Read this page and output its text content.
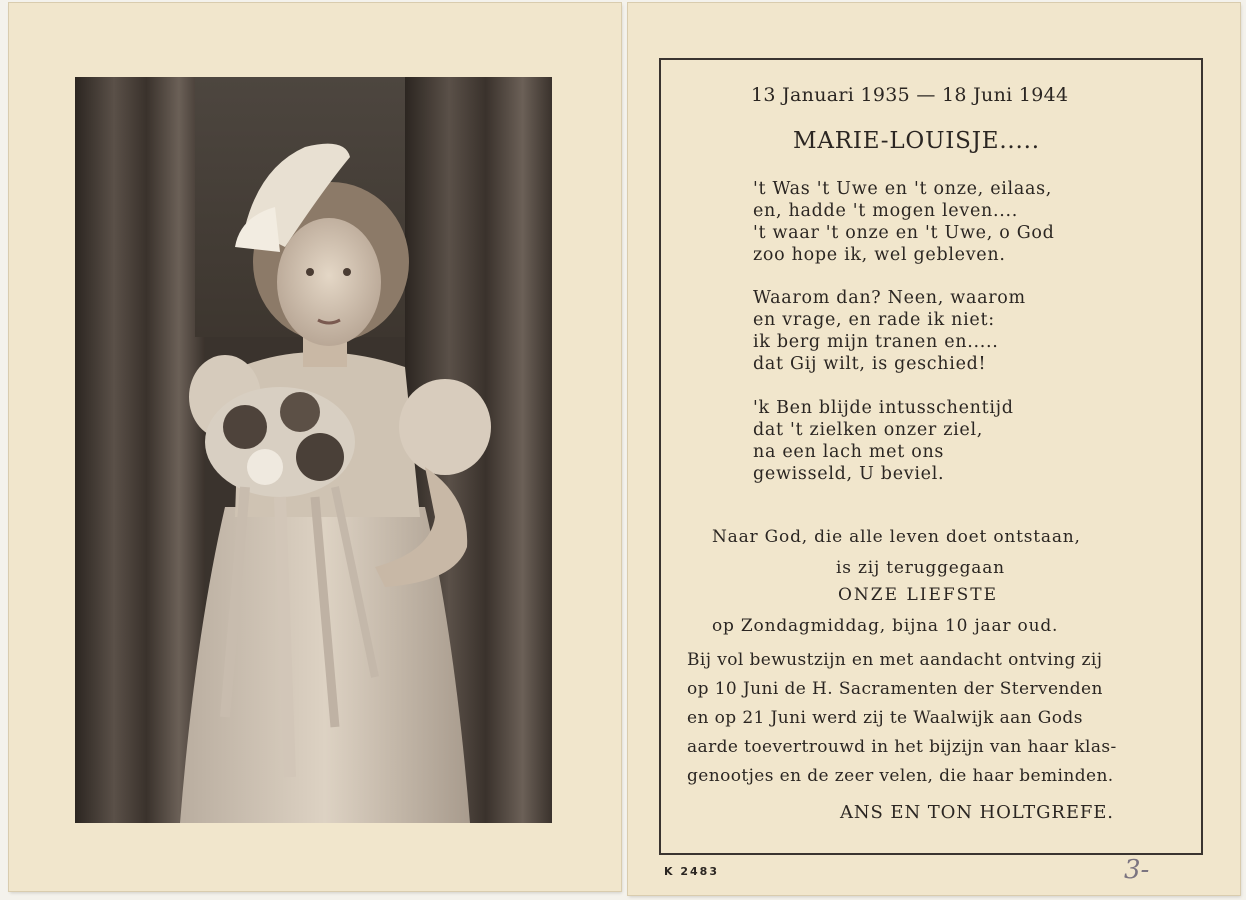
13 Januari 1935 — 18 Juni 1944
MARIE-LOUISJE.....
't Was 't Uwe en 't onze, eilaas,
en, hadde 't mogen leven....
't waar 't onze en 't Uwe, o God
zoo hope ik, wel gebleven.
Waarom dan? Neen, waarom
en vrage, en rade ik niet:
ik berg mijn tranen en.....
dat Gij wilt, is geschied!
'k Ben blijde intusschentijd
dat 't zielken onzer ziel,
na een lach met ons
gewisseld, U beviel.
Naar God, die alle leven doet ontstaan,
is zij teruggegaan
ONZE LIEFSTE
op Zondagmiddag, bijna 10 jaar oud.
Bij vol bewustzijn en met aandacht ontving zij
op 10 Juni de H. Sacramenten der Stervenden
en op 21 Juni werd zij te Waalwijk aan Gods
aarde toevertrouwd in het bijzijn van haar klas-
genootjes en de zeer velen, die haar beminden.
ANS EN TON HOLTGREFE.
K 2483	3-
